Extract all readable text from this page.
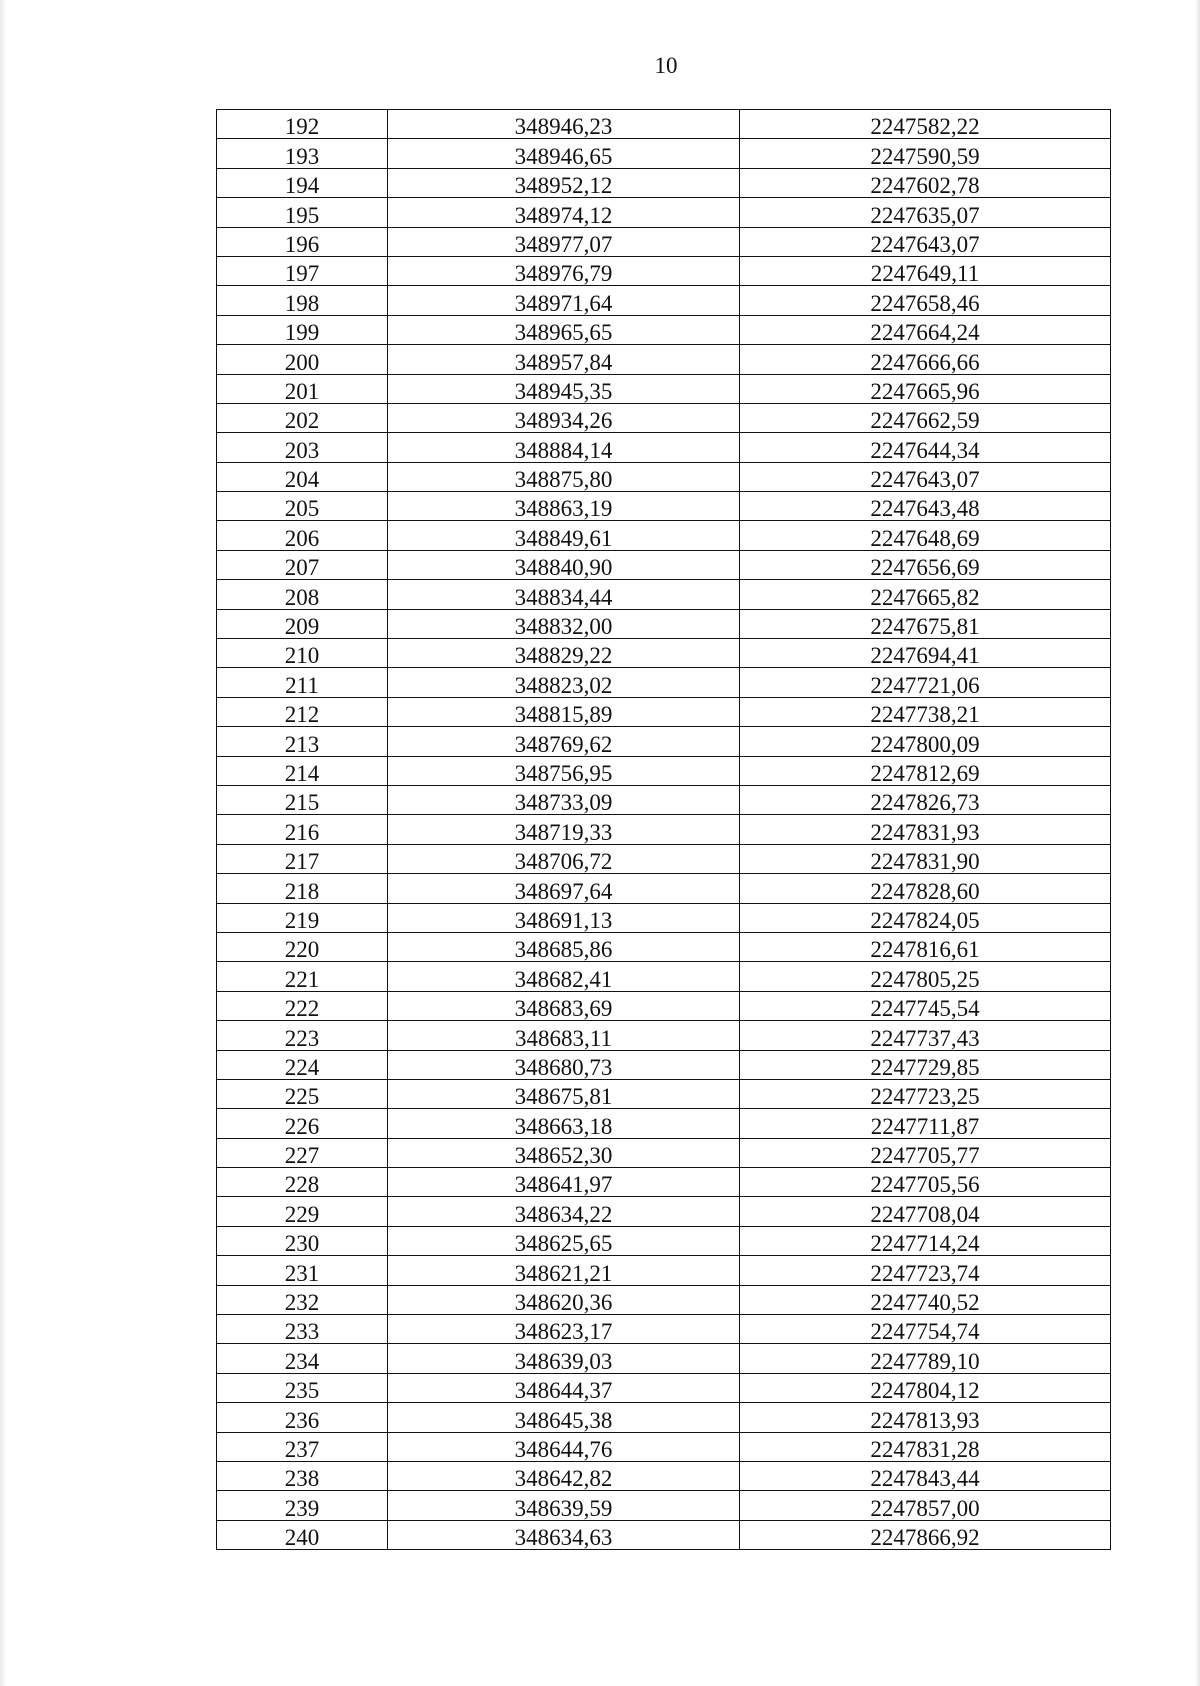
10
192	348946,23	2247582,22
193	348946,65	2247590,59
194	348952,12	2247602,78
195	348974,12	2247635,07
196	348977,07	2247643,07
197	348976,79	2247649,11
198	348971,64	2247658,46
199	348965,65	2247664,24
200	348957,84	2247666,66
201	348945,35	2247665,96
202	348934,26	2247662,59
203	348884,14	2247644,34
204	348875,80	2247643,07
205	348863,19	2247643,48
206	348849,61	2247648,69
207	348840,90	2247656,69
208	348834,44	2247665,82
209	348832,00	2247675,81
210	348829,22	2247694,41
211	348823,02	2247721,06
212	348815,89	2247738,21
213	348769,62	2247800,09
214	348756,95	2247812,69
215	348733,09	2247826,73
216	348719,33	2247831,93
217	348706,72	2247831,90
218	348697,64	2247828,60
219	348691,13	2247824,05
220	348685,86	2247816,61
221	348682,41	2247805,25
222	348683,69	2247745,54
223	348683,11	2247737,43
224	348680,73	2247729,85
225	348675,81	2247723,25
226	348663,18	2247711,87
227	348652,30	2247705,77
228	348641,97	2247705,56
229	348634,22	2247708,04
230	348625,65	2247714,24
231	348621,21	2247723,74
232	348620,36	2247740,52
233	348623,17	2247754,74
234	348639,03	2247789,10
235	348644,37	2247804,12
236	348645,38	2247813,93
237	348644,76	2247831,28
238	348642,82	2247843,44
239	348639,59	2247857,00
240	348634,63	2247866,92
